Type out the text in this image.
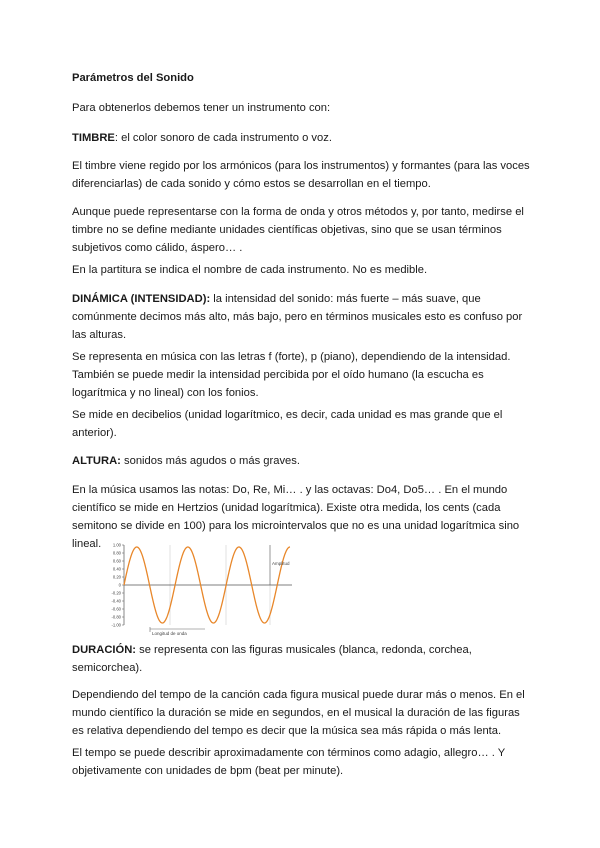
Parámetros del Sonido

Para obtenerlos debemos tener un instrumento con:

TIMBRE: el color sonoro de cada instrumento o voz.

El timbre viene regido por los armónicos (para los instrumentos) y formantes (para las voces diferenciarlas) de cada sonido y cómo estos se desarrollan en el tiempo.

Aunque puede representarse con la forma de onda y otros métodos y, por tanto, medirse el timbre no se define mediante unidades científicas objetivas, sino que se usan términos subjetivos como cálido, áspero… .

En la partitura se indica el nombre de cada instrumento. No es medible.

DINÁMICA (INTENSIDAD): la intensidad del sonido: más fuerte – más suave, que comúnmente decimos más alto, más bajo, pero en términos musicales esto es confuso por las alturas.

Se representa en música con las letras f (forte), p (piano), dependiendo de la intensidad. También se puede medir la intensidad percibida por el oído humano (la escucha es logarítmica y no lineal) con los fonios.

Se mide en decibelios (unidad logarítmico, es decir, cada unidad es mas grande que el anterior).

ALTURA: sonidos más agudos o más graves.

En la música usamos las notas: Do, Re, Mi… . y las octavas: Do4, Do5… . En el mundo científico se mide en Hertzios (unidad logarítmica). Existe otra medida, los cents (cada semitono se divide en 100) para los microintervalos que no es una unidad logarítmica sino lineal.

DURACIÓN: se representa con las figuras musicales (blanca, redonda, corchea, semicorchea).

Dependiendo del tempo de la canción cada figura musical puede durar más o menos. En el mundo científico la duración se mide en segundos, en el musical la duración de las figuras es relativa dependiendo del tempo es decir que la música sea más rápida o más lenta.

El tempo se puede describir aproximadamente con términos como adagio, allegro… . Y objetivamente con unidades de bpm (beat per minute).

1.00
0.80
0.60
0.40
0.20
0
-0.20
-0.40
-0.60
-0.80
-1.00
Amplitud
Longitud de onda
